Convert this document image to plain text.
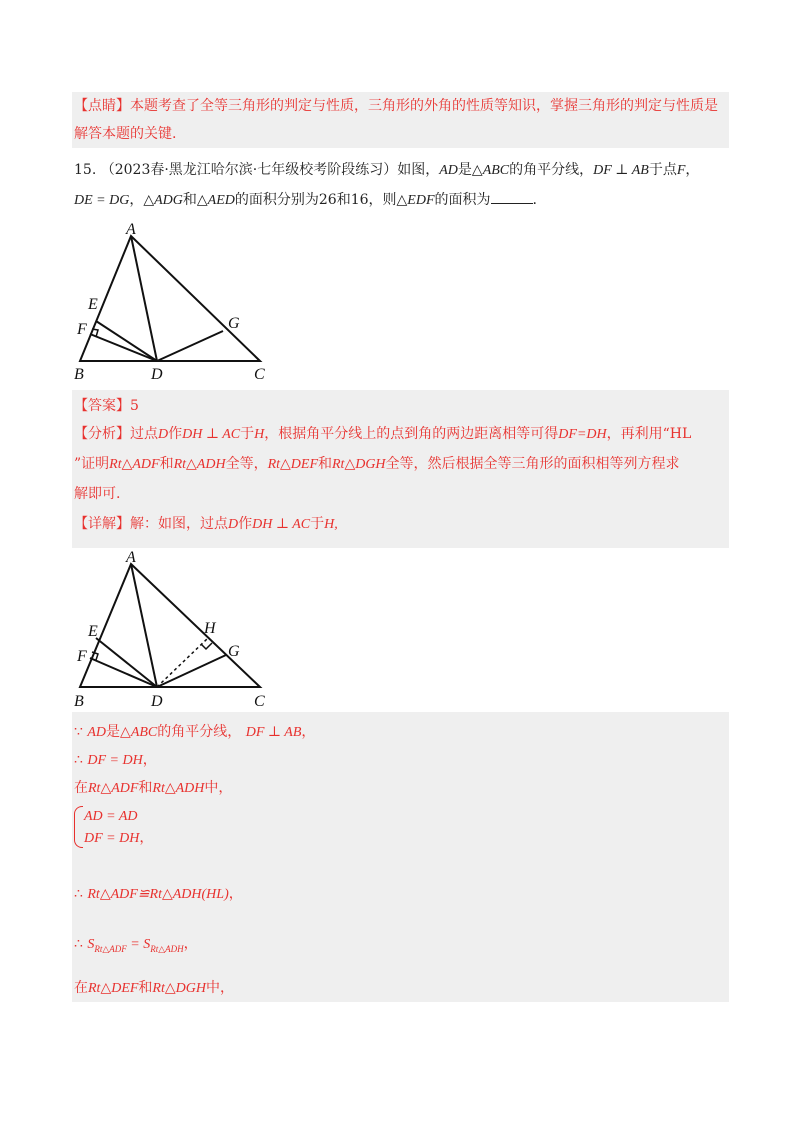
【点睛】本题考查了全等三角形的判定与性质，三角形的外角的性质等知识，掌握三角形的判定与性质是
解答本题的关键.
15. （2023春·黑龙江哈尔滨·七年级校考阶段练习）如图，AD是△ABC的角平分线，DF ⊥ AB于点F，
DE = DG，△ADG和△AED的面积分别为26和16，则△EDF的面积为	.
A
B	C
D
E
F	G
【答案】5
【分析】过点D作DH ⊥ AC于H，根据角平分线上的点到角的两边距离相等可得DF=DH，再利用“HL
”证明Rt△ADF和Rt△ADH全等，Rt△DEF和Rt△DGH全等，然后根据全等三角形的面积相等列方程求
解即可.
【详解】解：如图，过点D作DH ⊥ AC于H,
A
B	C
D
E
F	G
H
∵ AD是△ABC的角平分线， DF ⊥ AB，
∴ DF = DH，
在Rt△ADF和Rt△ADH中，
AD = AD
DF = DH，
∴ Rt△ADF≌Rt△ADH(HL)，
∴ $S_{Rt\triangle ADF} = S_{Rt\triangle ADH}$，
在Rt△DEF和Rt△DGH中，
